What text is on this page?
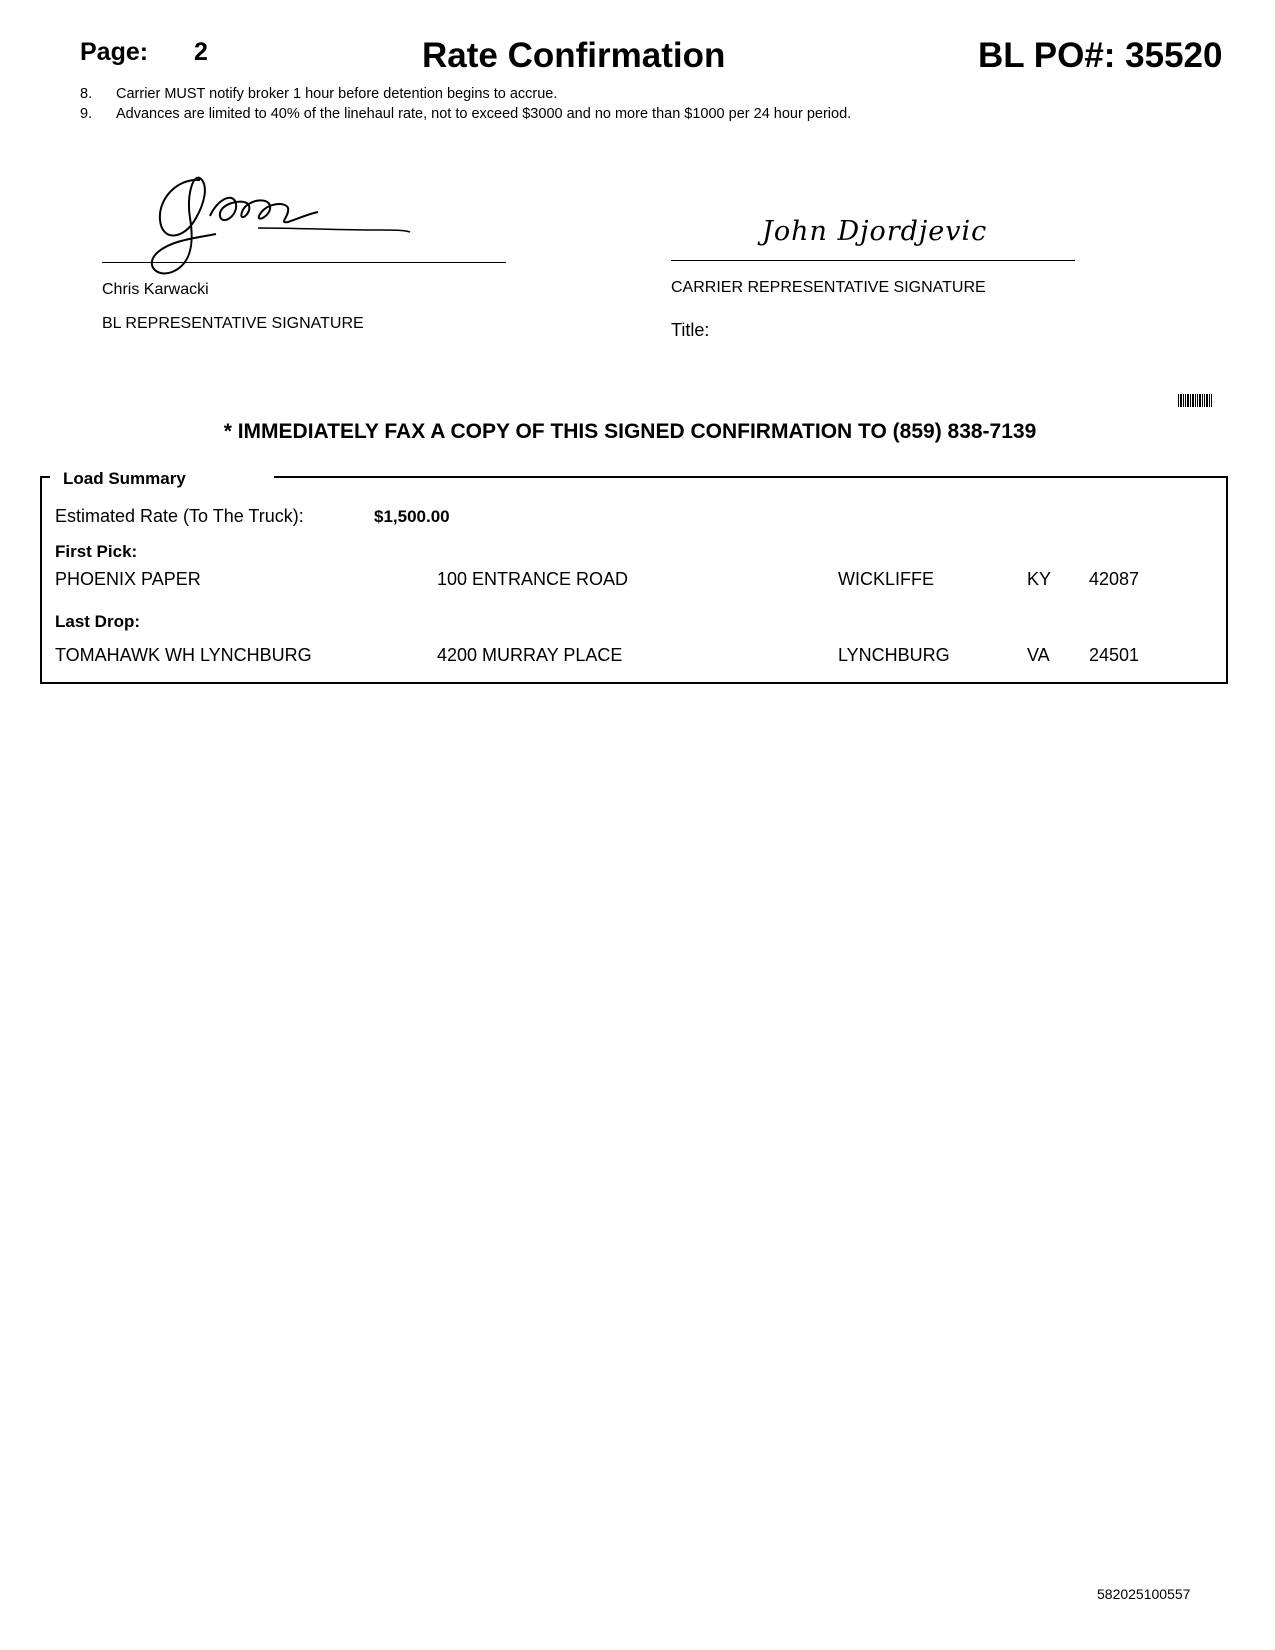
Page: 2	Rate Confirmation	BL PO#: 35520
8. Carrier MUST notify broker 1 hour before detention begins to accrue.
9. Advances are limited to 40% of the linehaul rate, not to exceed $3000 and no more than $1000 per 24 hour period.
Chris Karwacki
BL REPRESENTATIVE SIGNATURE
John Djordjevic
CARRIER REPRESENTATIVE SIGNATURE
Title:
* IMMEDIATELY FAX A COPY OF THIS SIGNED CONFIRMATION TO (859) 838-7139
Load Summary
Estimated Rate (To The Truck):	$1,500.00
First Pick:
PHOENIX PAPER	100 ENTRANCE ROAD	WICKLIFFE	KY 42087
Last Drop:
TOMAHAWK WH LYNCHBURG	4200 MURRAY PLACE	LYNCHBURG	VA 24501
582025100557
